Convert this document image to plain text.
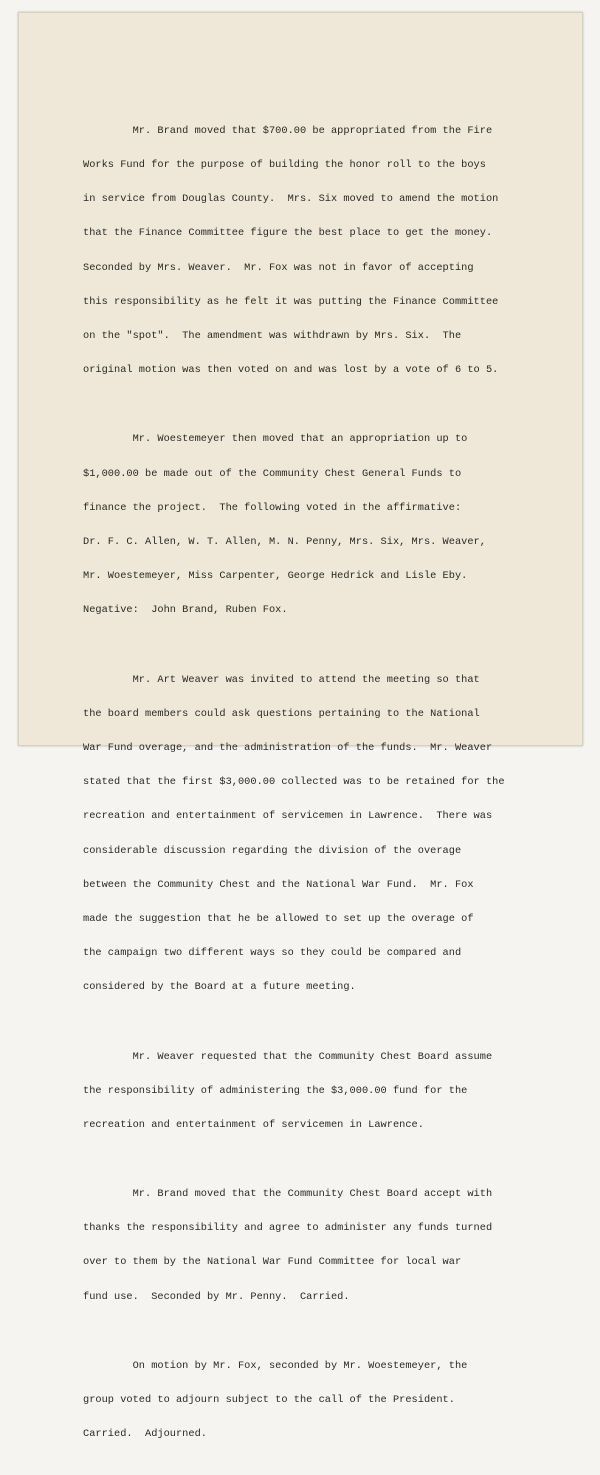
Mr. Brand moved that $700.00 be appropriated from the Fire

Works Fund for the purpose of building the honor roll to the boys

in service from Douglas County.  Mrs. Six moved to amend the motion

that the Finance Committee figure the best place to get the money.

Seconded by Mrs. Weaver.  Mr. Fox was not in favor of accepting

this responsibility as he felt it was putting the Finance Committee

on the "spot".  The amendment was withdrawn by Mrs. Six.  The

original motion was then voted on and was lost by a vote of 6 to 5.

Mr. Woestemeyer then moved that an appropriation up to

$1,000.00 be made out of the Community Chest General Funds to

finance the project.  The following voted in the affirmative:

Dr. F. C. Allen, W. T. Allen, M. N. Penny, Mrs. Six, Mrs. Weaver,

Mr. Woestemeyer, Miss Carpenter, George Hedrick and Lisle Eby.

Negative:  John Brand, Ruben Fox.

Mr. Art Weaver was invited to attend the meeting so that

the board members could ask questions pertaining to the National

War Fund overage, and the administration of the funds.  Mr. Weaver

stated that the first $3,000.00 collected was to be retained for the

recreation and entertainment of servicemen in Lawrence.  There was

considerable discussion regarding the division of the overage

between the Community Chest and the National War Fund.  Mr. Fox

made the suggestion that he be allowed to set up the overage of

the campaign two different ways so they could be compared and

considered by the Board at a future meeting.

Mr. Weaver requested that the Community Chest Board assume

the responsibility of administering the $3,000.00 fund for the

recreation and entertainment of servicemen in Lawrence.

Mr. Brand moved that the Community Chest Board accept with

thanks the responsibility and agree to administer any funds turned

over to them by the National War Fund Committee for local war

fund use.  Seconded by Mr. Penny.  Carried.

On motion by Mr. Fox, seconded by Mr. Woestemeyer, the

group voted to adjourn subject to the call of the President.

Carried.  Adjourned.
